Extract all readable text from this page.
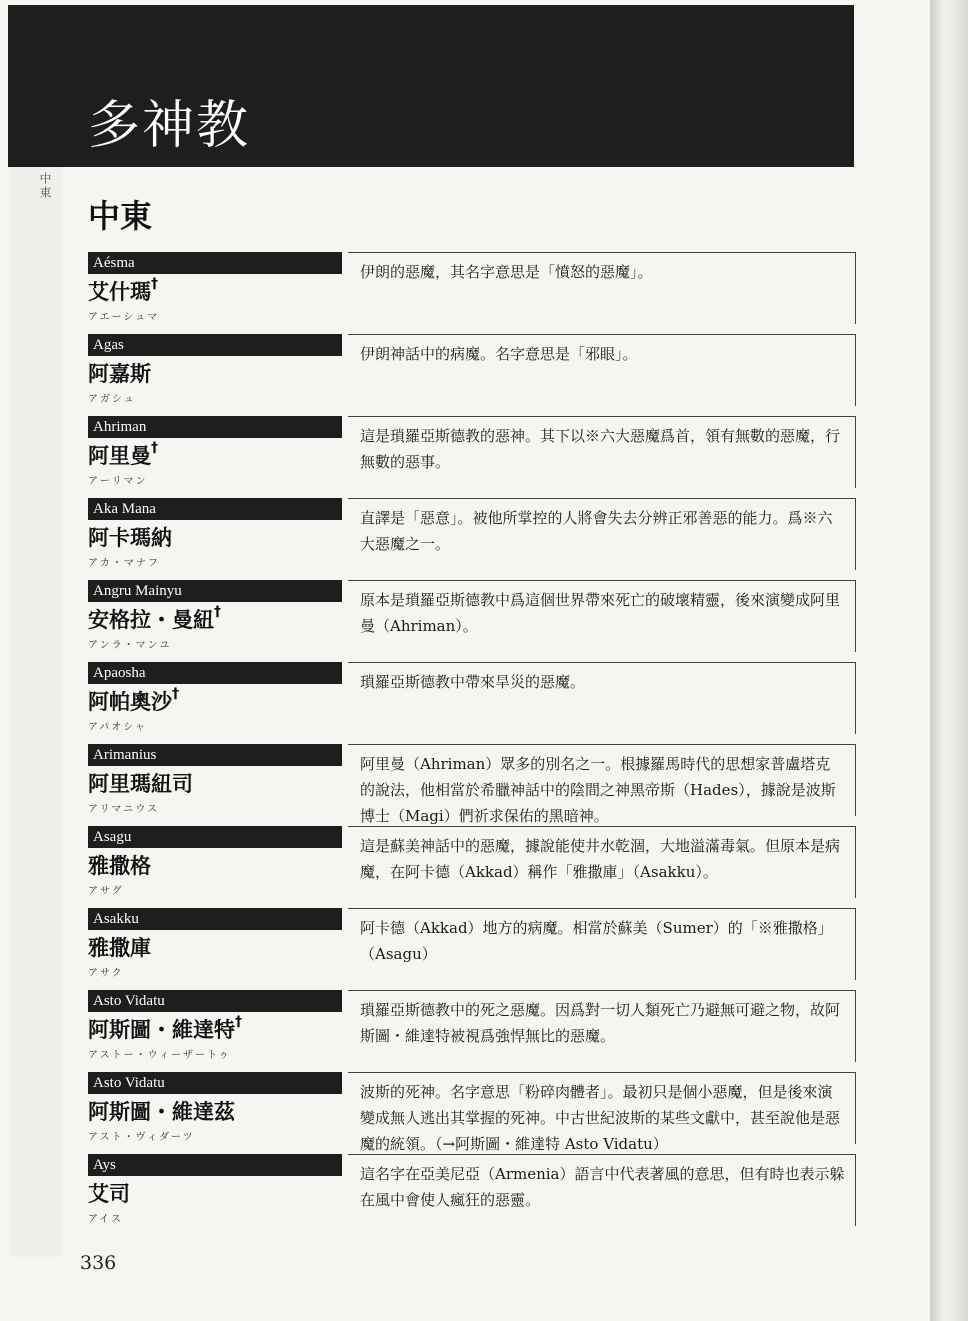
多神教
中東
中東
Aésma
艾什瑪†
アエーシュマ
伊朗的惡魔，其名字意思是「憤怒的惡魔」。
Agas
阿嘉斯
アガシュ
伊朗神話中的病魔。名字意思是「邪眼」。
Ahriman
阿里曼†
アーリマン
這是瑣羅亞斯德教的惡神。其下以※六大惡魔爲首，領有無數的惡魔，行無數的惡事。
Aka Mana
阿卡瑪納
アカ・マナフ
直譯是「惡意」。被他所掌控的人將會失去分辨正邪善惡的能力。爲※六大惡魔之一。
Angru Mainyu
安格拉・曼紐†
アンラ・マンユ
原本是瑣羅亞斯德教中爲這個世界帶來死亡的破壞精靈，後來演變成阿里曼（Ahriman）。
Apaosha
阿帕奧沙†
アパオシャ
瑣羅亞斯德教中帶來旱災的惡魔。
Arimanius
阿里瑪紐司
アリマニウス
阿里曼（Ahriman）眾多的別名之一。根據羅馬時代的思想家普盧塔克的說法，他相當於希臘神話中的陰間之神黑帝斯（Hades），據說是波斯博士（Magi）們祈求保佑的黑暗神。
Asagu
雅撒格
アサグ
這是蘇美神話中的惡魔，據說能使井水乾涸，大地溢滿毒氣。但原本是病魔，在阿卡德（Akkad）稱作「雅撒庫」（Asakku）。
Asakku
雅撒庫
アサク
阿卡德（Akkad）地方的病魔。相當於蘇美（Sumer）的「※雅撒格」（Asagu）
Asto Vidatu
阿斯圖・維達特†
アストー・ウィーザートゥ
瑣羅亞斯德教中的死之惡魔。因爲對一切人類死亡乃避無可避之物，故阿斯圖・維達特被視爲強悍無比的惡魔。
Asto Vidatu
阿斯圖・維達茲
アスト・ヴィダーツ
波斯的死神。名字意思「粉碎肉體者」。最初只是個小惡魔，但是後來演變成無人逃出其掌握的死神。中古世紀波斯的某些文獻中，甚至說他是惡魔的統領。（→阿斯圖・維達特 Asto Vidatu）
Ays
艾司
アイス
這名字在亞美尼亞（Armenia）語言中代表著風的意思，但有時也表示躲在風中會使人瘋狂的惡靈。
336
